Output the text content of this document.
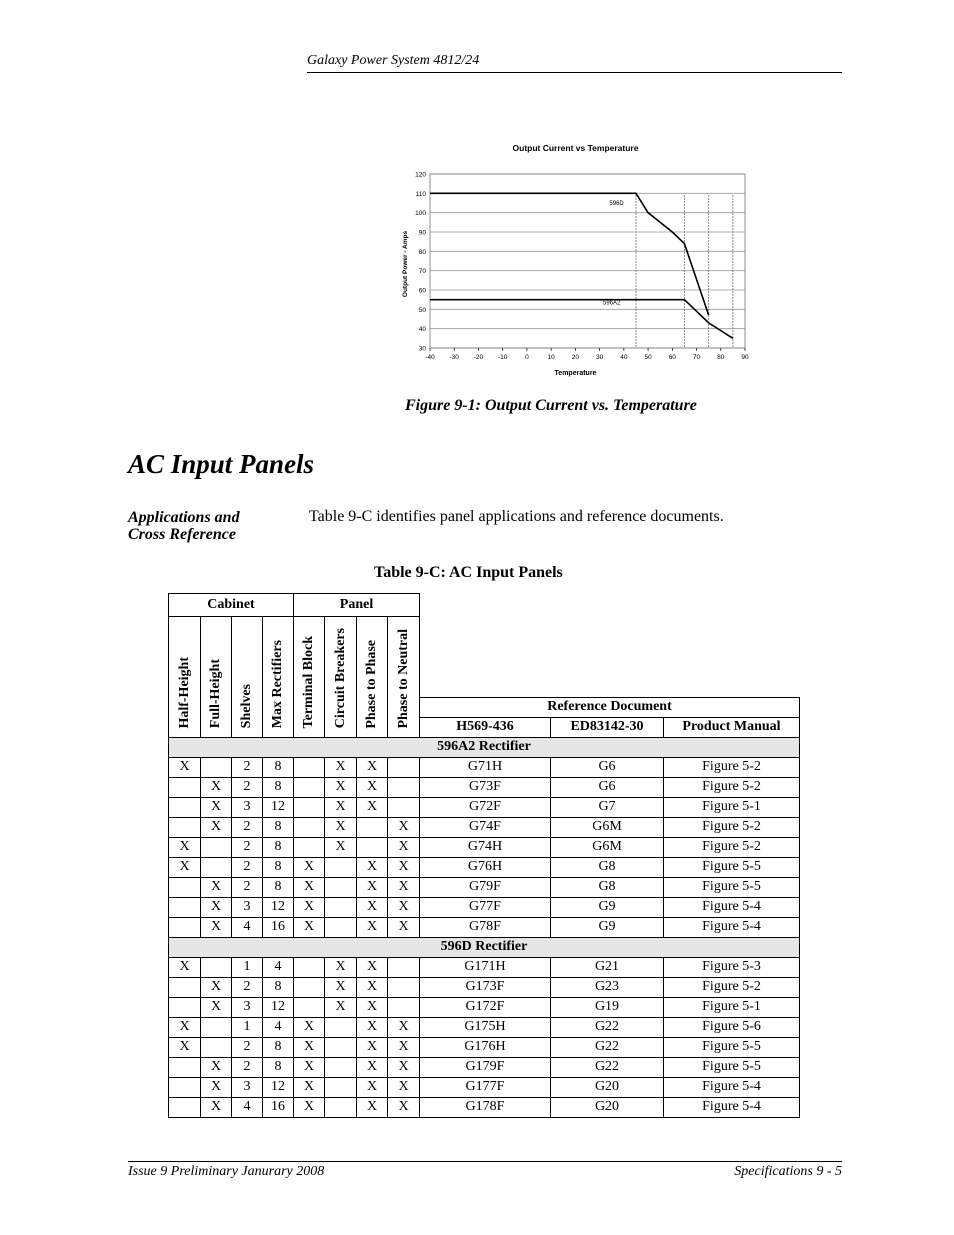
Galaxy Power System 4812/24
30
40
50
60
70
80
90
100
110
120
-40 -30 -20 -10	0	10	20	30	40	50	60	70	80	90
596D
596A2
Output Current vs Temperature
Temperature
Output Power - Amps
Figure 9-1: Output Current vs. Temperature
AC Input Panels
Applications and
Cross Reference
Table 9-C identifies panel applications and reference documents.
Table 9-C: AC Input Panels
Cabinet				Panel						
Half-Height	Full-Height	Shelves	Max Rectifiers	Terminal Block	Circuit Breakers	Phase to Phase	Phase to Neutral			
								Reference Document		
								H569-436	ED83142-30	Product Manual
596A2 Rectifier										
X		2	8		X	X		G71H	G6	Figure 5-2
	X	2	8		X	X		G73F	G6	Figure 5-2
	X	3	12		X	X		G72F	G7	Figure 5-1
	X	2	8		X		X	G74F	G6M	Figure 5-2
X		2	8		X		X	G74H	G6M	Figure 5-2
X		2	8	X		X	X	G76H	G8	Figure 5-5
	X	2	8	X		X	X	G79F	G8	Figure 5-5
	X	3	12	X		X	X	G77F	G9	Figure 5-4
	X	4	16	X		X	X	G78F	G9	Figure 5-4
596D Rectifier										
X		1	4		X	X		G171H	G21	Figure 5-3
	X	2	8		X	X		G173F	G23	Figure 5-2
	X	3	12		X	X		G172F	G19	Figure 5-1
X		1	4	X		X	X	G175H	G22	Figure 5-6
X		2	8	X		X	X	G176H	G22	Figure 5-5
	X	2	8	X		X	X	G179F	G22	Figure 5-5
	X	3	12	X		X	X	G177F	G20	Figure 5-4
	X	4	16	X		X	X	G178F	G20	Figure 5-4
Issue 9 Preliminary Janurary 2008	Specifications 9 - 5
